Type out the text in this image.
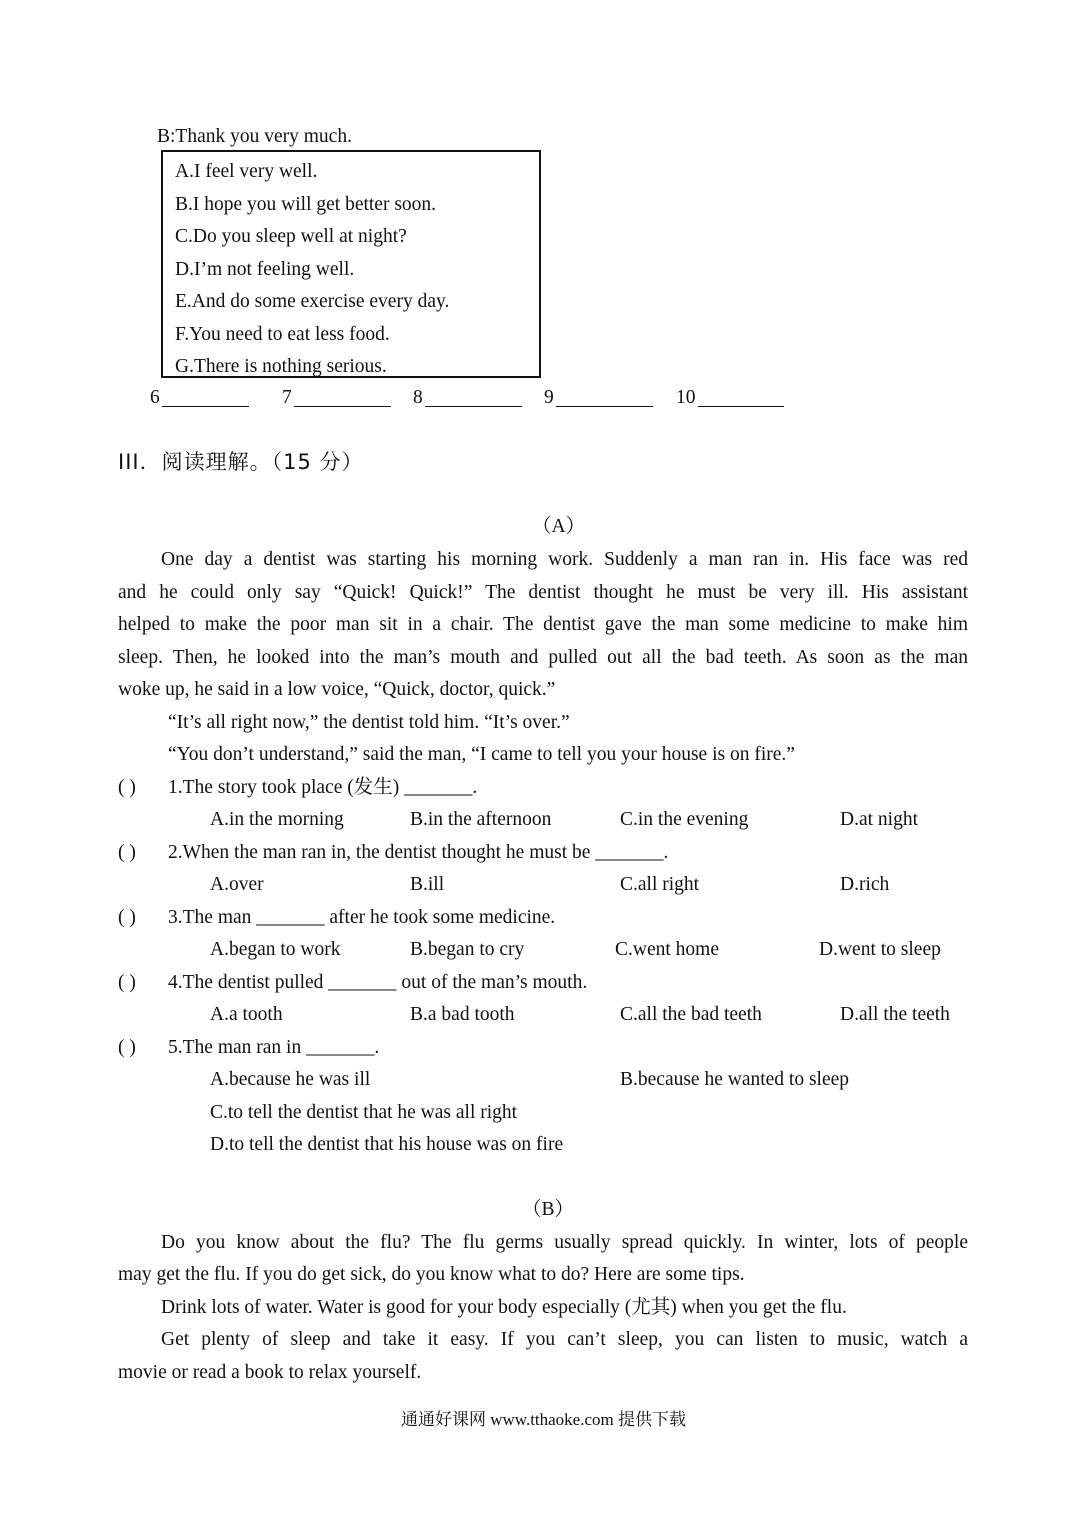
B:Thank you very much.
A.I feel very well.
B.I hope you will get better soon.
C.Do you sleep well at night?
D.I’m not feeling well.
E.And do some exercise every day.
F.You need to eat less food.
G.There is nothing serious.
6	7	8	9	10
III．阅读理解。（15 分）
（A）
One day a dentist was starting his morning work. Suddenly a man ran in. His face was red
and he could only say “Quick! Quick!” The dentist thought he must be very ill. His assistant
helped to make the poor man sit in a chair. The dentist gave the man some medicine to make him
sleep. Then, he looked into the man’s mouth and pulled out all the bad teeth. As soon as the man
woke up, he said in a low voice, “Quick, doctor, quick.”
“It’s all right now,” the dentist told him. “It’s over.”
“You don’t understand,” said the man, “I came to tell you your house is on fire.”
( ) 1.The story took place (发生) _______.
A.in the morning	B.in the afternoon	C.in the evening	D.at night
( ) 2.When the man ran in, the dentist thought he must be _______.
A.over	B.ill	C.all right	D.rich
( ) 3.The man _______ after he took some medicine.
A.began to work	B.began to cry	C.went home	D.went to sleep
( ) 4.The dentist pulled _______ out of the man’s mouth.
A.a tooth	B.a bad tooth	C.all the bad teeth	D.all the teeth
( ) 5.The man ran in _______.
A.because he was ill	B.because he wanted to sleep
C.to tell the dentist that he was all right
D.to tell the dentist that his house was on fire
（B）
Do you know about the flu? The flu germs usually spread quickly. In winter, lots of people
may get the flu. If you do get sick, do you know what to do? Here are some tips.
Drink lots of water. Water is good for your body especially (尤其) when you get the flu.
Get plenty of sleep and take it easy. If you can’t sleep, you can listen to music, watch a
movie or read a book to relax yourself.
通通好课网 www.tthaoke.com 提供下载
